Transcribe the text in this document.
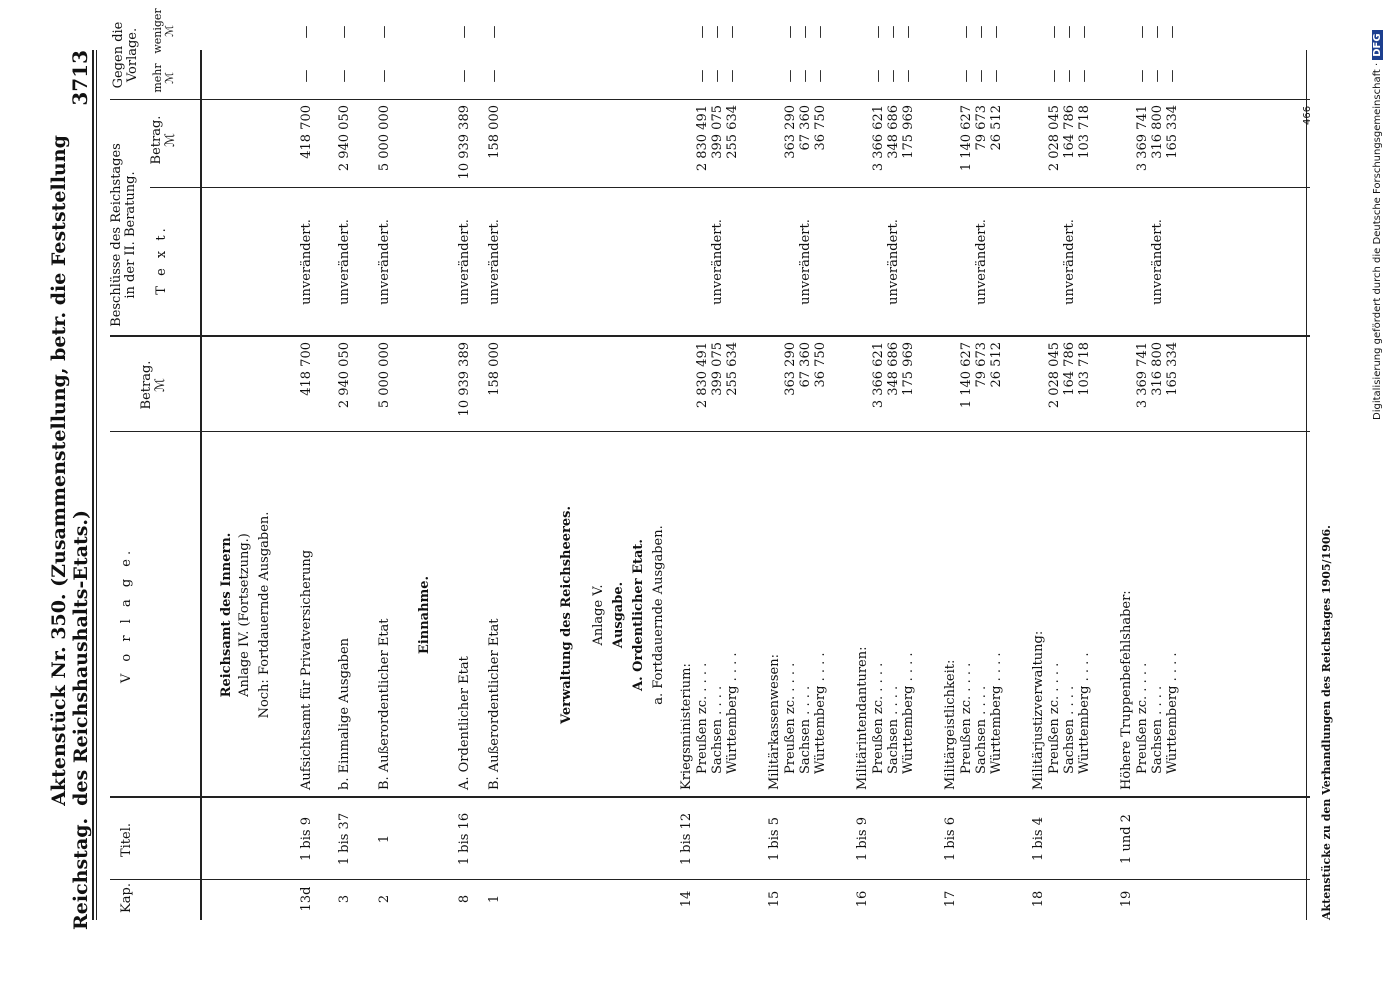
Reichstag.
Aktenstück Nr. 350. (Zusammenstellung, betr. die Feststellung des Reichshaushalts-Etats.)
3713
Kap.
Titel.
V o r l a g e.
Betrag. ℳ
Beschlüsse des Reichstages in der II. Beratung. T e x t.
Betrag. ℳ
Gegen die Vorlage. mehr ℳ
weniger ℳ
Reichsamt des Innern. Anlage IV. (Fortsetzung.) Noch: Fortdauernde Ausgaben.
13d
1 bis 9
Aufsichtsamt für Privatversicherung
418 700
unverändert.
418 700
—
—
3
1 bis 37
b. Einmalige Ausgaben
2 940 050
unverändert.
2 940 050
—
—
2
1
B. Außerordentlicher Etat
5 000 000
unverändert.
5 000 000
—
—
Einnahme.
8
1 bis 16
A. Ordentlicher Etat
10 939 389
unverändert.
10 939 389
—
—
1
B. Außerordentlicher Etat
158 000
unverändert.
158 000
—
—
Verwaltung des Reichsheeres. Anlage V. Ausgabe. A. Ordentlicher Etat. a. Fortdauernde Ausgaben.
14
1 bis 12
Kriegsministerium: Preußen zc. . . . .
2 830 491
2 830 491
—
—
Sachsen . . . .
399 075
399 075
—
—
Württemberg . . . .
255 634
255 634
—
—
unverändert.
15
1 bis 5
Militärkassenwesen: Preußen zc. . . . .
363 290
363 290
—
—
Sachsen . . . .
67 360
67 360
—
—
Württemberg . . . .
36 750
36 750
—
—
unverändert.
16
1 bis 9
Militärintendanturen: Preußen zc. . . . .
3 366 621
3 366 621
—
—
Sachsen . . . .
348 686
348 686
—
—
Württemberg . . . .
175 969
175 969
—
—
unverändert.
17
1 bis 6
Militärgeistlichkeit: Preußen zc. . . . .
1 140 627
1 140 627
—
—
Sachsen . . . .
79 673
79 673
—
—
Württemberg . . . .
26 512
26 512
—
—
unverändert.
18
1 bis 4
Militärjustizverwaltung: Preußen zc. . . . .
2 028 045
2 028 045
—
—
Sachsen . . . .
164 786
164 786
—
—
Württemberg . . . .
103 718
103 718
—
—
unverändert.
19
1 und 2
Höhere Truppenbefehlshaber: Preußen zc. . . . .
3 369 741
3 369 741
—
—
Sachsen . . . .
316 800
316 800
—
—
Württemberg . . . .
165 334
165 334
—
—
unverändert.
Aktenstücke zu den Verhandlungen des Reichstages 1905/1906.
466	Digitalisierung gefördert durch die Deutsche Forschungsgemeinschaft ·DFG
